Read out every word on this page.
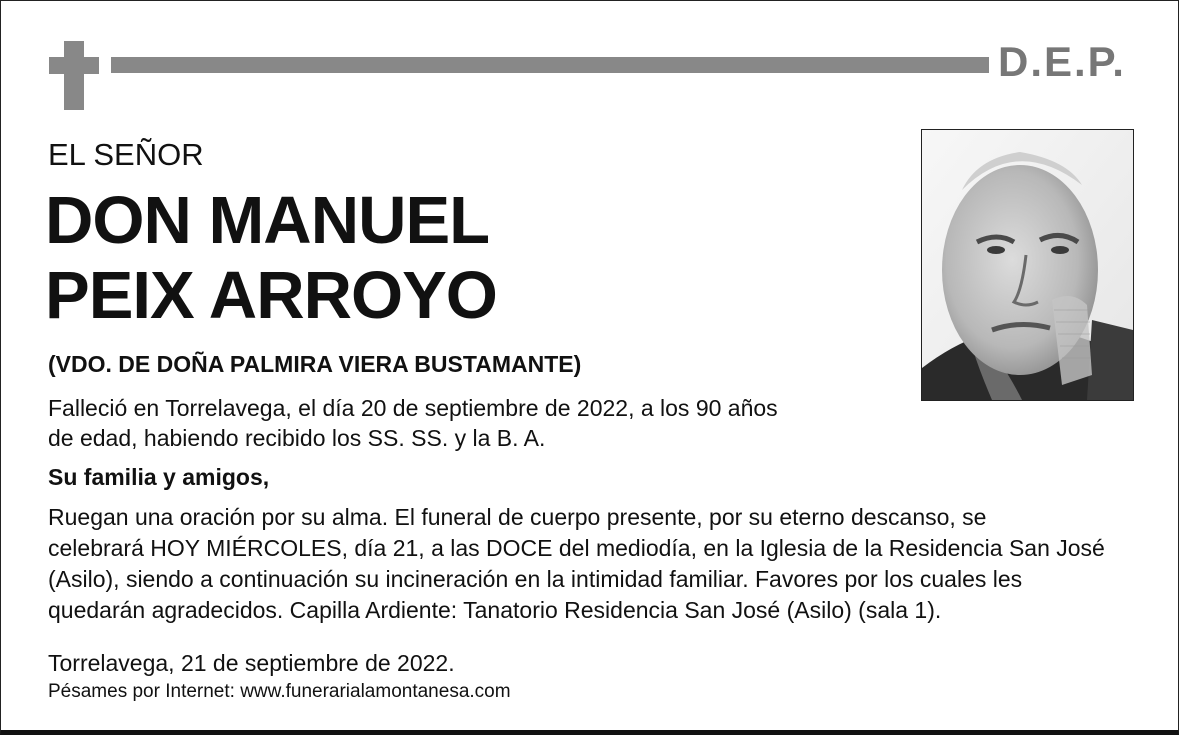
D.E.P.
EL SEÑOR
DON MANUEL
PEIX ARROYO
(VDO. DE DOÑA PALMIRA VIERA BUSTAMANTE)
Falleció en Torrelavega, el día 20 de septiembre de 2022, a los 90 años
de edad, habiendo recibido los SS. SS. y la B. A.
Su familia y amigos,
Ruegan una oración por su alma. El funeral de cuerpo presente, por su eterno descanso, se
celebrará HOY MIÉRCOLES, día 21, a las DOCE del mediodía, en la Iglesia de la Residencia San José
(Asilo), siendo a continuación su incineración en la intimidad familiar. Favores por los cuales les
quedarán agradecidos. Capilla Ardiente: Tanatorio Residencia San José (Asilo) (sala 1).
Torrelavega, 21 de septiembre de 2022.
Pésames por Internet: www.funerarialamontanesa.com
